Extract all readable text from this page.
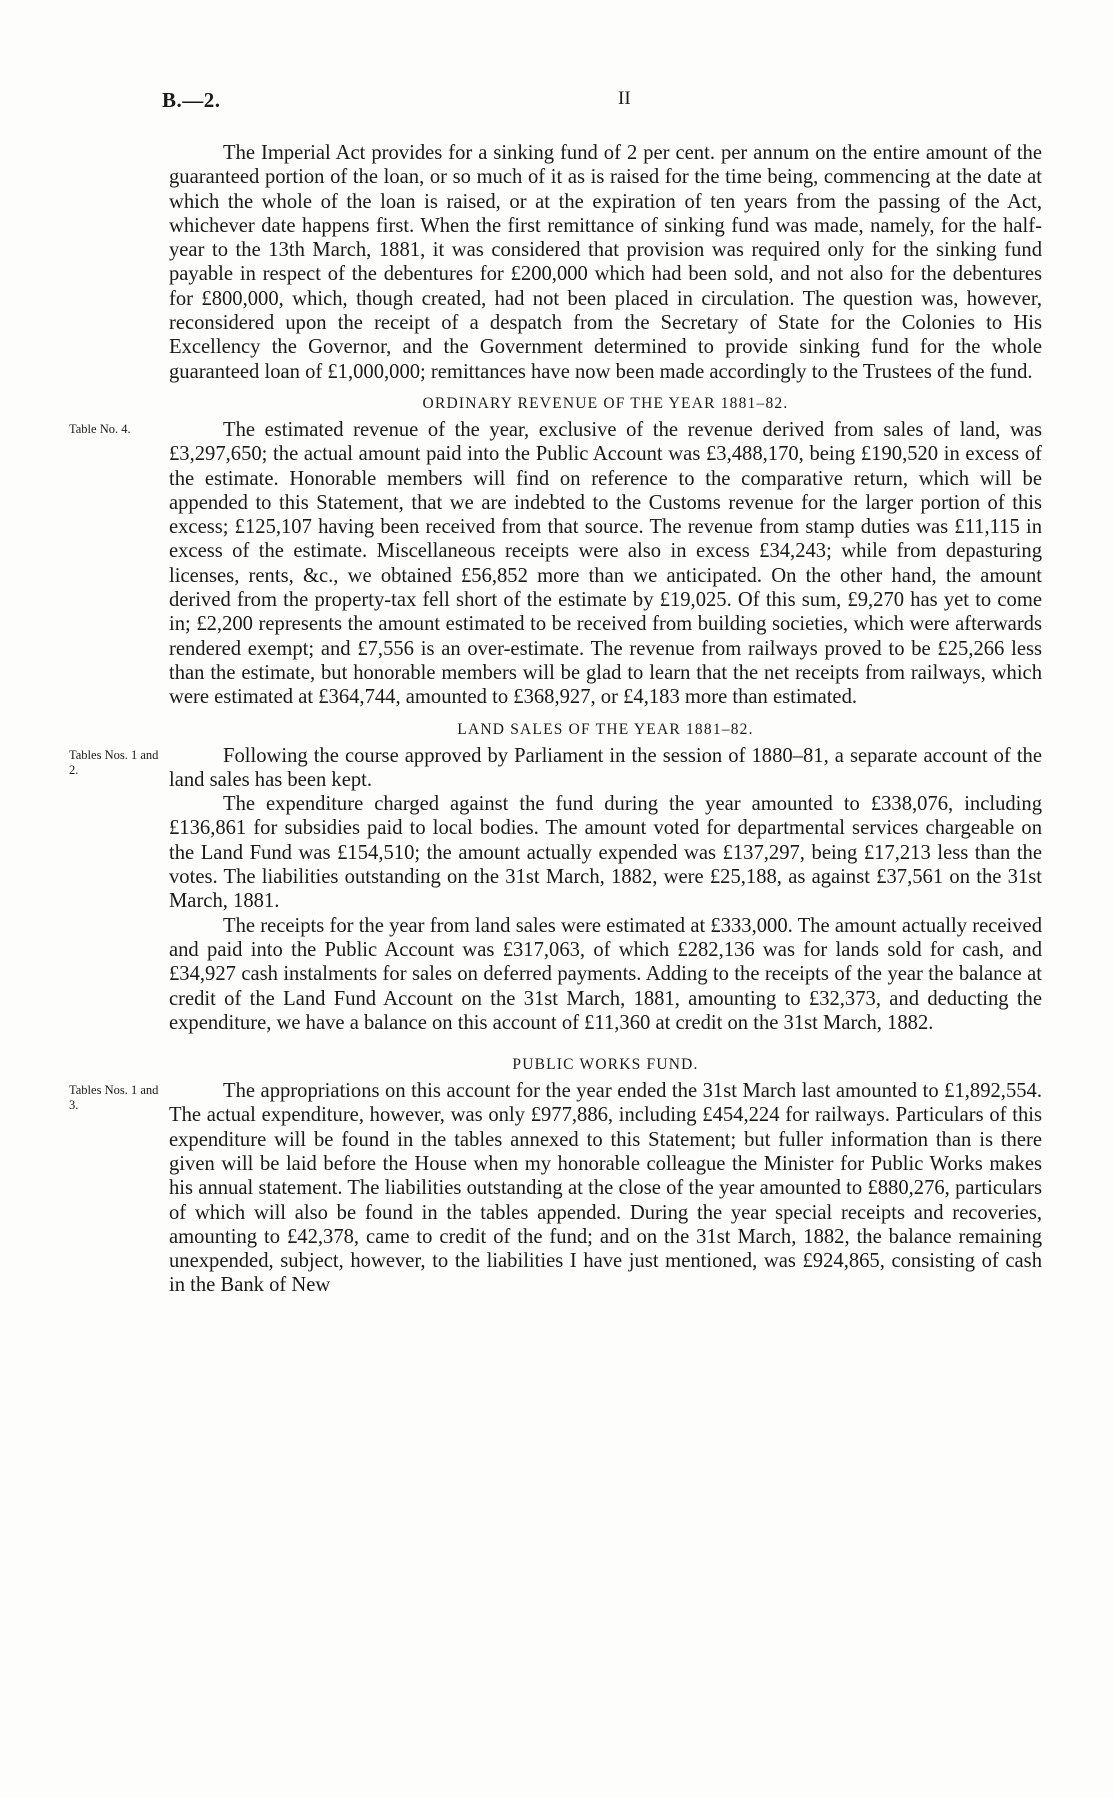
B.—2.	II

The Imperial Act provides for a sinking fund of 2 per cent. per annum on the entire amount of the guaranteed portion of the loan, or so much of it as is raised for the time being, commencing at the date at which the whole of the loan is raised, or at the expiration of ten years from the passing of the Act, whichever date happens first. When the first remittance of sinking fund was made, namely, for the half-year to the 13th March, 1881, it was considered that provision was required only for the sinking fund payable in respect of the debentures for £200,000 which had been sold, and not also for the debentures for £800,000, which, though created, had not been placed in circulation. The question was, however, reconsidered upon the receipt of a despatch from the Secretary of State for the Colonies to His Excellency the Governor, and the Government determined to provide sinking fund for the whole guaranteed loan of £1,000,000; remittances have now been made accordingly to the Trustees of the fund.

ORDINARY REVENUE OF THE YEAR 1881–82.

Table No. 4.	The estimated revenue of the year, exclusive of the revenue derived from sales of land, was £3,297,650; the actual amount paid into the Public Account was £3,488,170, being £190,520 in excess of the estimate. Honorable members will find on reference to the comparative return, which will be appended to this Statement, that we are indebted to the Customs revenue for the larger portion of this excess; £125,107 having been received from that source. The revenue from stamp duties was £11,115 in excess of the estimate. Miscellaneous receipts were also in excess £34,243; while from depasturing licenses, rents, &c., we obtained £56,852 more than we anticipated. On the other hand, the amount derived from the property-tax fell short of the estimate by £19,025. Of this sum, £9,270 has yet to come in; £2,200 represents the amount estimated to be received from building societies, which were afterwards rendered exempt; and £7,556 is an over-estimate. The revenue from railways proved to be £25,266 less than the estimate, but honorable members will be glad to learn that the net receipts from railways, which were estimated at £364,744, amounted to £368,927, or £4,183 more than estimated.

LAND SALES OF THE YEAR 1881–82.

Tables Nos. 1 and 2.
Following the course approved by Parliament in the session of 1880–81, a separate account of the land sales has been kept.

The expenditure charged against the fund during the year amounted to £338,076, including £136,861 for subsidies paid to local bodies. The amount voted for departmental services chargeable on the Land Fund was £154,510; the amount actually expended was £137,297, being £17,213 less than the votes. The liabilities outstanding on the 31st March, 1882, were £25,188, as against £37,561 on the 31st March, 1881.

The receipts for the year from land sales were estimated at £333,000. The amount actually received and paid into the Public Account was £317,063, of which £282,136 was for lands sold for cash, and £34,927 cash instalments for sales on deferred payments. Adding to the receipts of the year the balance at credit of the Land Fund Account on the 31st March, 1881, amounting to £32,373, and deducting the expenditure, we have a balance on this account of £11,360 at credit on the 31st March, 1882.

PUBLIC WORKS FUND.

Tables Nos. 1 and 3.
The appropriations on this account for the year ended the 31st March last amounted to £1,892,554. The actual expenditure, however, was only £977,886, including £454,224 for railways. Particulars of this expenditure will be found in the tables annexed to this Statement; but fuller information than is there given will be laid before the House when my honorable colleague the Minister for Public Works makes his annual statement. The liabilities outstanding at the close of the year amounted to £880,276, particulars of which will also be found in the tables appended. During the year special receipts and recoveries, amounting to £42,378, came to credit of the fund; and on the 31st March, 1882, the balance remaining unexpended, subject, however, to the liabilities I have just mentioned, was £924,865, consisting of cash in the Bank of New
